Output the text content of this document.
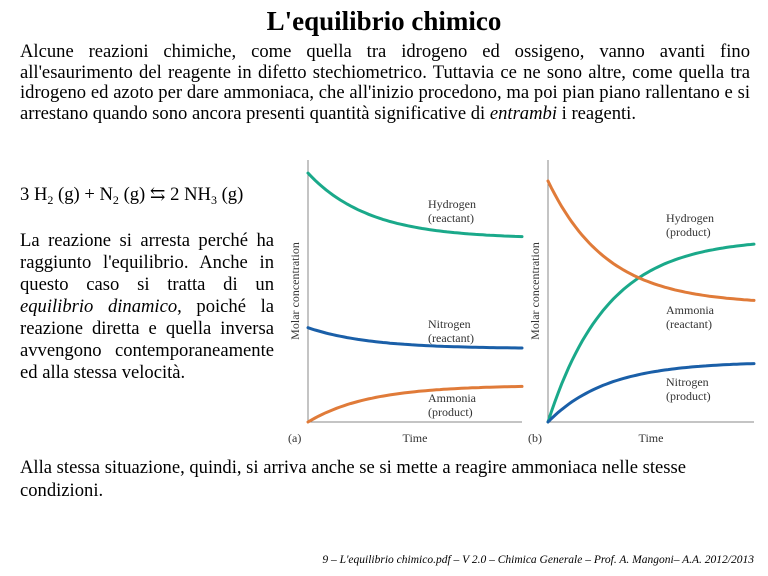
L'equilibrio chimico

Alcune reazioni chimiche, come quella tra idrogeno ed ossigeno, vanno avanti fino all'esaurimento del reagente in difetto stechiometrico. Tuttavia ce ne sono altre, come quella tra idrogeno ed azoto per dare ammoniaca, che all'inizio procedono, ma poi pian piano rallentano e si arrestano quando sono ancora presenti quantità significative di entrambi i reagenti.

3 $H_2$ $(g) + N_2$ (g) ⇆ 2 $NH_3$ (g)

La reazione si arresta perché ha raggiunto l'equilibrio. Anche in questo caso si tratta di un equilibrio dinamico, poiché la reazione diretta e quella inversa avvengono contemporaneamente ed alla stessa velocità.

Time
Molar concentration
(a)
Hydrogen
(reactant)
Nitrogen
(reactant)
Ammonia
(product)
Time
Molar concentration
(b)
Hydrogen
(product)
Ammonia
(reactant)
Nitrogen
(product)

Alla stessa situazione, quindi, si arriva anche se si mette a reagire ammoniaca nelle stesse condizioni.

9 – L'equilibrio chimico.pdf – V 2.0 – Chimica Generale – Prof. A. Mangoni– A.A. 2012/2013
